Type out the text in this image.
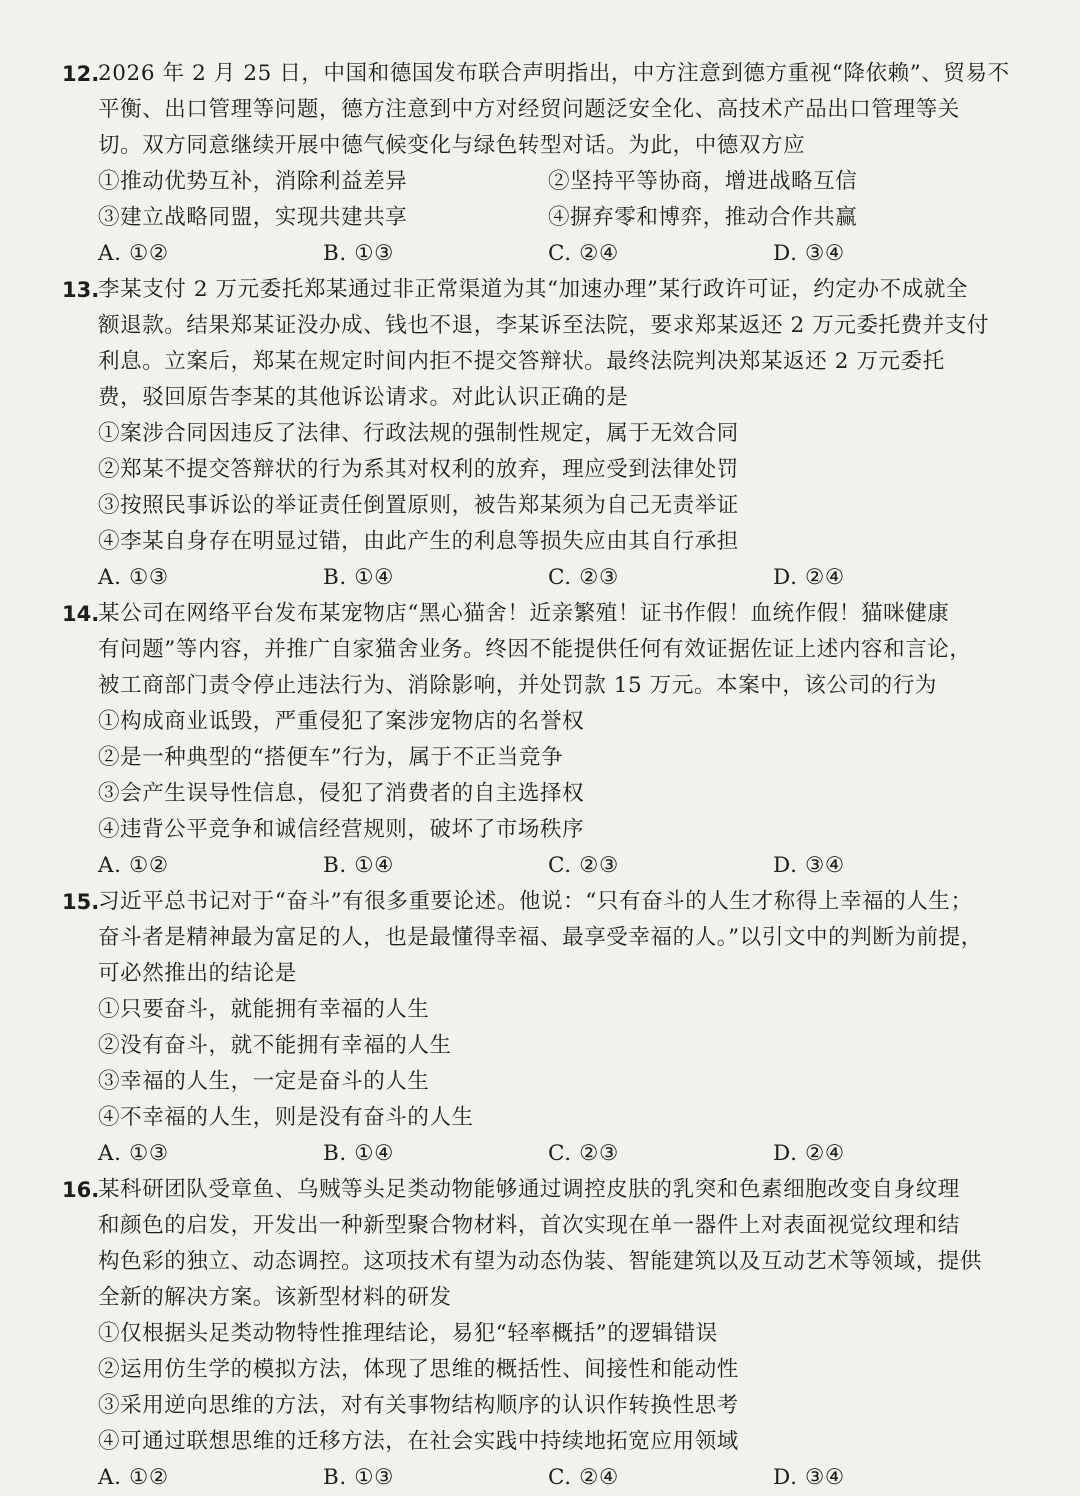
12.
2026 年 2 月 25 日，中国和德国发布联合声明指出，中方注意到德方重视“降依赖”、贸易不
平衡、出口管理等问题，德方注意到中方对经贸问题泛安全化、高技术产品出口管理等关
切。双方同意继续开展中德气候变化与绿色转型对话。为此，中德双方应
①推动优势互补，消除利益差异	②坚持平等协商，增进战略互信
③建立战略同盟，实现共建共享	④摒弃零和博弈，推动合作共赢
A. ①②	B. ①③	C. ②④	D. ③④
13.
李某支付 2 万元委托郑某通过非正常渠道为其“加速办理”某行政许可证，约定办不成就全
额退款。结果郑某证没办成、钱也不退，李某诉至法院，要求郑某返还 2 万元委托费并支付
利息。立案后，郑某在规定时间内拒不提交答辩状。最终法院判决郑某返还 2 万元委托
费，驳回原告李某的其他诉讼请求。对此认识正确的是
①案涉合同因违反了法律、行政法规的强制性规定，属于无效合同
②郑某不提交答辩状的行为系其对权利的放弃，理应受到法律处罚
③按照民事诉讼的举证责任倒置原则，被告郑某须为自己无责举证
④李某自身存在明显过错，由此产生的利息等损失应由其自行承担
A. ①③	B. ①④	C. ②③	D. ②④
14.
某公司在网络平台发布某宠物店“黑心猫舍！近亲繁殖！证书作假！血统作假！猫咪健康
有问题”等内容，并推广自家猫舍业务。终因不能提供任何有效证据佐证上述内容和言论，
被工商部门责令停止违法行为、消除影响，并处罚款 15 万元。本案中，该公司的行为
①构成商业诋毁，严重侵犯了案涉宠物店的名誉权
②是一种典型的“搭便车”行为，属于不正当竞争
③会产生误导性信息，侵犯了消费者的自主选择权
④违背公平竞争和诚信经营规则，破坏了市场秩序
A. ①②	B. ①④	C. ②③	D. ③④
15.
习近平总书记对于“奋斗”有很多重要论述。他说：“只有奋斗的人生才称得上幸福的人生；
奋斗者是精神最为富足的人，也是最懂得幸福、最享受幸福的人。”以引文中的判断为前提，
可必然推出的结论是
①只要奋斗，就能拥有幸福的人生
②没有奋斗，就不能拥有幸福的人生
③幸福的人生，一定是奋斗的人生
④不幸福的人生，则是没有奋斗的人生
A. ①③	B. ①④	C. ②③	D. ②④
16.
某科研团队受章鱼、乌贼等头足类动物能够通过调控皮肤的乳突和色素细胞改变自身纹理
和颜色的启发，开发出一种新型聚合物材料，首次实现在单一器件上对表面视觉纹理和结
构色彩的独立、动态调控。这项技术有望为动态伪装、智能建筑以及互动艺术等领域，提供
全新的解决方案。该新型材料的研发
①仅根据头足类动物特性推理结论，易犯“轻率概括”的逻辑错误
②运用仿生学的模拟方法，体现了思维的概括性、间接性和能动性
③采用逆向思维的方法，对有关事物结构顺序的认识作转换性思考
④可通过联想思维的迁移方法，在社会实践中持续地拓宽应用领域
A. ①②	B. ①③	C. ②④	D. ③④
